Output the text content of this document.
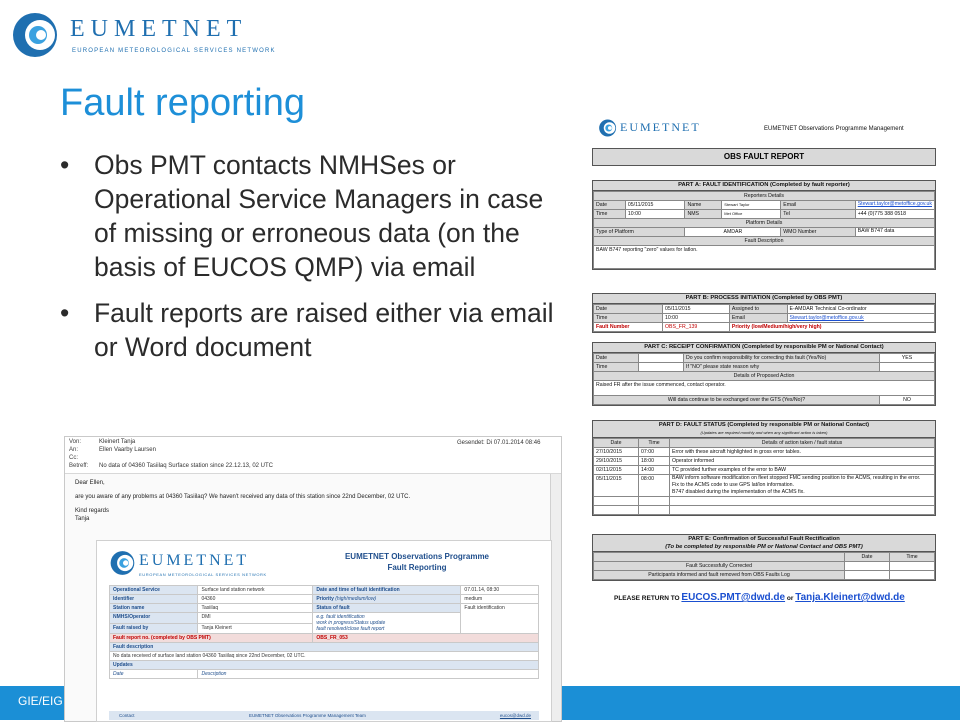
EUMETNET
EUROPEAN METEOROLOGICAL SERVICES NETWORK
Fault reporting
• Obs PMT contacts NMHSes or Operational Service Managers in case of missing or erroneous data (on the basis of EUCOS QMP) via email
• Fault reports are raised either via email or Word document
GIE/EIG
Von:	Kleinert Tanja
An:	Ellen Vaarby Laursen
Cc:
Betreff: No data of 04360 Tasiilaq Surface station since 22.12.13, 02 UTC
Gesendet: Di 07.01.2014 08:46
Dear Ellen,
are you aware of any problems at 04360 Tasiilaq? We haven't received any data of this station since 22nd December, 02 UTC.
Kind regards
Tanja
EUMETNET
EUROPEAN METEOROLOGICAL SERVICES NETWORK
EUMETNET Observations Programme
Fault Reporting
Operational Service	Surface land station network	Date and time of fault identification	07.01.14, 08:30
Identifier	04360	Priority (high/medium/low)	medium
Station name	Tasiilaq	Status of fault	Fault identification
NMHS/Operator	DMI	e.g. fault identification
work in progress/Status update
fault resolved/close fault report	

Fault raised by	Tanja Kleinert		
Fault report no. (completed by OBS PMT)		OBS_FR_053	
Fault description			
No data received of surface land station 04360 Tasiilaq since 22nd December, 02 UTC.			
Updates			
Date	Description		
Contact	EUMETNET Observations Programme Management Team	eucos@dwd.de
EUMETNET	EUMETNET Observations Programme Management
OBS FAULT REPORT
PART A: FAULT IDENTIFICATION (Completed by fault reporter)
Reporters Details					
Date	05/11/2015	Name	Stewart Taylor	Email	Stewart.taylor@metoffice.gov.uk
Time	10:00	NMS	Met Office	Tel	+44 (0)775 388 0518
Platform Details					
Type of Platform		AMDAR		WMO Number	BAW B747 data
Fault Description					
BAW B747 reporting "zero" values for latlon.					
PART B: PROCESS INITIATION (Completed by OBS PMT)
Date	05/11/2015	Assigned to	E-AMDAR Technical Co-ordinator
Time	10:00	Email	Stewart.taylor@metoffice.gov.uk
Fault Number	OBS_FR_139	Priority (low/Medium/high/very high)	
PART C: RECEIPT CONFIRMATION (Completed by responsible PM or National Contact)
Date		Do you confirm responsibility for correcting this fault (Yes/No)	YES
Time		If "NO" please state reason why	
Details of Proposed Action			
Raised FR after the issue commenced, contact operator.			
Will data continue to be exchanged over the GTS (Yes/No)?			NO
PART D: FAULT STATUS (Completed by responsible PM or National Contact)
(Updates are required monthly and when any significant action is taken)
Date	Time	Details of action taken / fault status
27/10/2015	07:00	Error with these aircraft highlighted in gross error tables.
29/10/2015	18:00	Operator informed
02/11/2015	14:00	TC provided further examples of the error to BAW
05/11/2015	08:00	BAW inform software modification on fleet stopped FMC sending position to the ACMS, resulting in the error.
Fix to the ACMS code to use GPS lat/lon information.
B747 disabled during the implementation of the ACMS fix.

PART E: Confirmation of Successful Fault Rectification
(To be completed by responsible PM or National Contact and OBS PMT)
	Date	Time
Fault Successfully Corrected		
Participants informed and fault removed from OBS Faults Log		
PLEASE RETURN TO EUCOS.PMT@dwd.de or Tanja.Kleinert@dwd.de
